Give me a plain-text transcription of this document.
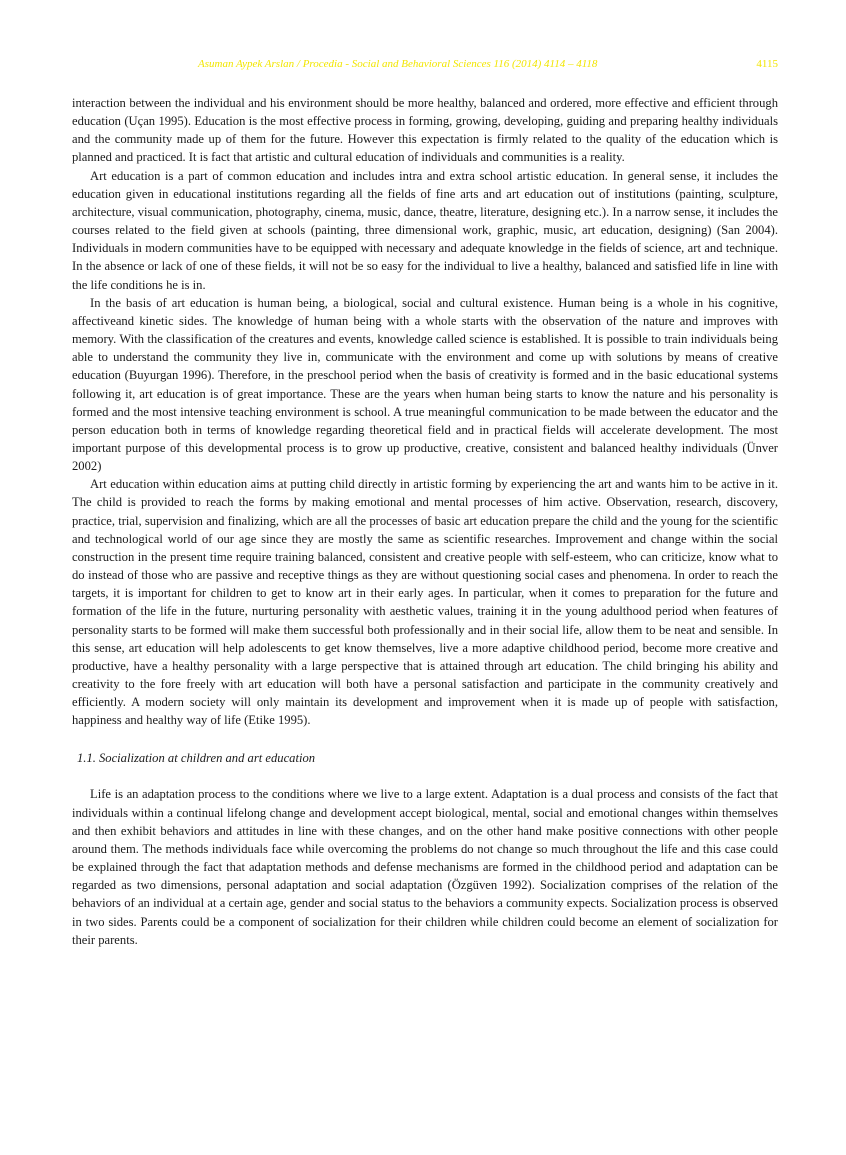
Asuman Aypek Arslan / Procedia - Social and Behavioral Sciences 116 (2014) 4114 – 4118	4115

interaction between the individual and his environment should be more healthy, balanced and ordered, more effective and efficient through education (Uçan 1995). Education is the most effective process in forming, growing, developing, guiding and preparing healthy individuals and the community made up of them for the future. However this expectation is firmly related to the quality of the education which is planned and practiced. It is fact that artistic and cultural education of individuals and communities is a reality.

Art education is a part of common education and includes intra and extra school artistic education. In general sense, it includes the education given in educational institutions regarding all the fields of fine arts and art education out of institutions (painting, sculpture, architecture, visual communication, photography, cinema, music, dance, theatre, literature, designing etc.). In a narrow sense, it includes the courses related to the field given at schools (painting, three dimensional work, graphic, music, art education, designing) (San 2004). Individuals in modern communities have to be equipped with necessary and adequate knowledge in the fields of science, art and technique. In the absence or lack of one of these fields, it will not be so easy for the individual to live a healthy, balanced and satisfied life in line with the life conditions he is in.

In the basis of art education is human being, a biological, social and cultural existence. Human being is a whole in his cognitive, affectiveand kinetic sides. The knowledge of human being with a whole starts with the observation of the nature and improves with memory. With the classification of the creatures and events, knowledge called science is established. It is possible to train individuals being able to understand the community they live in, communicate with the environment and come up with solutions by means of creative education (Buyurgan 1996). Therefore, in the preschool period when the basis of creativity is formed and in the basic educational systems following it, art education is of great importance. These are the years when human being starts to know the nature and his personality is formed and the most intensive teaching environment is school. A true meaningful communication to be made between the educator and the person education both in terms of knowledge regarding theoretical field and in practical fields will accelerate development. The most important purpose of this developmental process is to grow up productive, creative, consistent and balanced healthy individuals (Ünver 2002)

Art education within education aims at putting child directly in artistic forming by experiencing the art and wants him to be active in it. The child is provided to reach the forms by making emotional and mental processes of him active. Observation, research, discovery, practice, trial, supervision and finalizing, which are all the processes of basic art education prepare the child and the young for the scientific and technological world of our age since they are mostly the same as scientific researches. Improvement and change within the social construction in the present time require training balanced, consistent and creative people with self-esteem, who can criticize, know what to do instead of those who are passive and receptive things as they are without questioning social cases and phenomena. In order to reach the targets, it is important for children to get to know art in their early ages. In particular, when it comes to preparation for the future and formation of the life in the future, nurturing personality with aesthetic values, training it in the young adulthood period when features of personality starts to be formed will make them successful both professionally and in their social life, allow them to be neat and sensible. In this sense, art education will help adolescents to get know themselves, live a more adaptive childhood period, become more creative and productive, have a healthy personality with a large perspective that is attained through art education. The child bringing his ability and creativity to the fore freely with art education will both have a personal satisfaction and participate in the community creatively and efficiently. A modern society will only maintain its development and improvement when it is made up of people with satisfaction, happiness and healthy way of life (Etike 1995).

1.1. Socialization at children and art education

Life is an adaptation process to the conditions where we live to a large extent. Adaptation is a dual process and consists of the fact that individuals within a continual lifelong change and development accept biological, mental, social and emotional changes within themselves and then exhibit behaviors and attitudes in line with these changes, and on the other hand make positive connections with other people around them. The methods individuals face while overcoming the problems do not change so much throughout the life and this case could be explained through the fact that adaptation methods and defense mechanisms are formed in the childhood period and adaptation can be regarded as two dimensions, personal adaptation and social adaptation (Özgüven 1992). Socialization comprises of the relation of the behaviors of an individual at a certain age, gender and social status to the behaviors a community expects. Socialization process is observed in two sides. Parents could be a component of socialization for their children while children could become an element of socialization for their parents.
